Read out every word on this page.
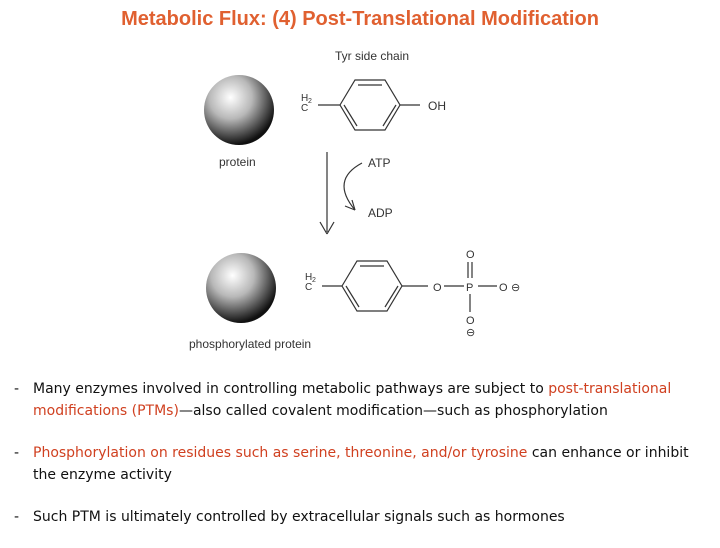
Metabolic Flux: (4) Post-Translational Modification
Tyr side chain
protein
H 2
C	OH
ATP
ADP
phosphorylated protein
H 2
C	O P
O
O ⊖
O
⊖
- Many enzymes involved in controlling metabolic pathways are subject to post-translational modifications (PTMs)—also called covalent modification—such as phosphorylation
- Phosphorylation on residues such as serine, threonine, and/or tyrosine can enhance or inhibit the enzyme activity
- Such PTM is ultimately controlled by extracellular signals such as hormones
